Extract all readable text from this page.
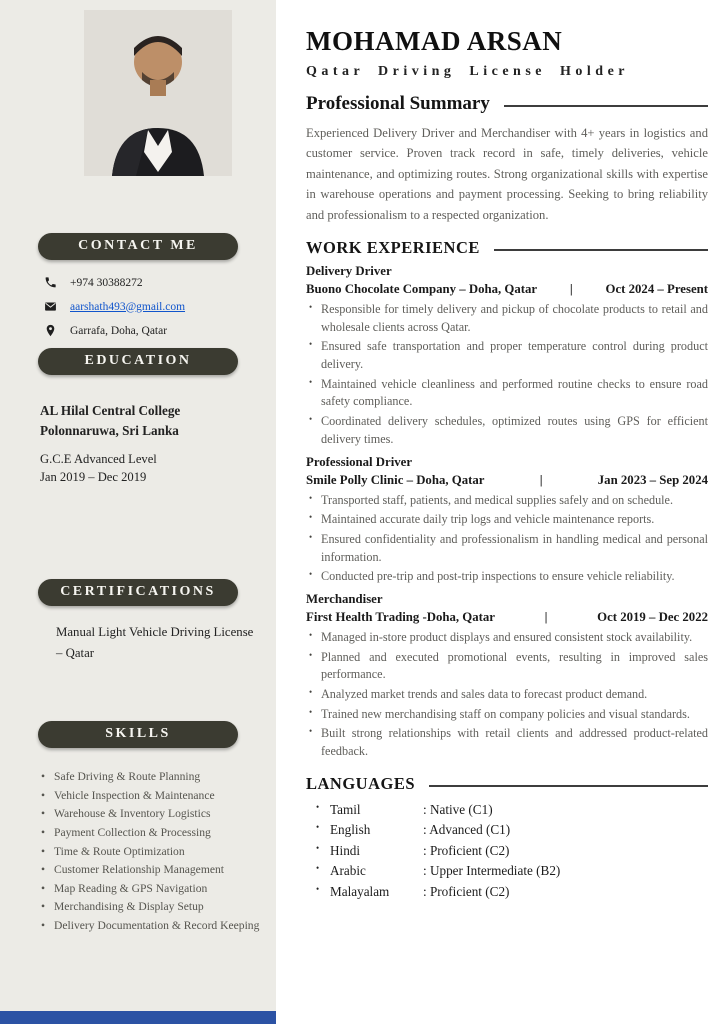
CONTACT ME
+974 30388272
aarshath493@gmail.com
Garrafa, Doha, Qatar
EDUCATION
AL Hilal Central College
Polonnaruwa, Sri Lanka
G.C.E Advanced Level
Jan 2019 – Dec 2019
CERTIFICATIONS
Manual Light Vehicle Driving License – Qatar
SKILLS
• Safe Driving & Route Planning
• Vehicle Inspection & Maintenance
• Warehouse & Inventory Logistics
• Payment Collection & Processing
• Time & Route Optimization
• Customer Relationship Management
• Map Reading & GPS Navigation
• Merchandising & Display Setup
• Delivery Documentation & Record Keeping
MOHAMAD ARSAN
Qatar Driving License Holder
Professional Summary

Experienced Delivery Driver and Merchandiser with 4+ years in logistics and customer service. Proven track record in safe, timely deliveries, vehicle maintenance, and optimizing routes. Strong organizational skills with expertise in warehouse operations and payment processing. Seeking to bring reliability and professionalism to a respected organization.

WORK EXPERIENCE
Delivery Driver
Buono Chocolate Company – Doha, Qatar	|	Oct 2024 – Present
• Responsible for timely delivery and pickup of chocolate products to retail and wholesale clients across Qatar.
• Ensured safe transportation and proper temperature control during product delivery.
• Maintained vehicle cleanliness and performed routine checks to ensure road safety compliance.
• Coordinated delivery schedules, optimized routes using GPS for efficient delivery times.
Professional Driver
Smile Polly Clinic – Doha, Qatar	|	Jan 2023 – Sep 2024
• Transported staff, patients, and medical supplies safely and on schedule.
• Maintained accurate daily trip logs and vehicle maintenance reports.
• Ensured confidentiality and professionalism in handling medical and personal information.
• Conducted pre-trip and post-trip inspections to ensure vehicle reliability.
Merchandiser
First Health Trading -Doha, Qatar	|	Oct 2019 – Dec 2022
• Managed in-store product displays and ensured consistent stock availability.
• Planned and executed promotional events, resulting in improved sales performance.
• Analyzed market trends and sales data to forecast product demand.
• Trained new merchandising staff on company policies and visual standards.
• Built strong relationships with retail clients and addressed product-related feedback.
LANGUAGES
• Tamil	: Native (C1)
• English	: Advanced (C1)
• Hindi	: Proficient (C2)
• Arabic	: Upper Intermediate (B2)
• Malayalam	: Proficient (C2)
